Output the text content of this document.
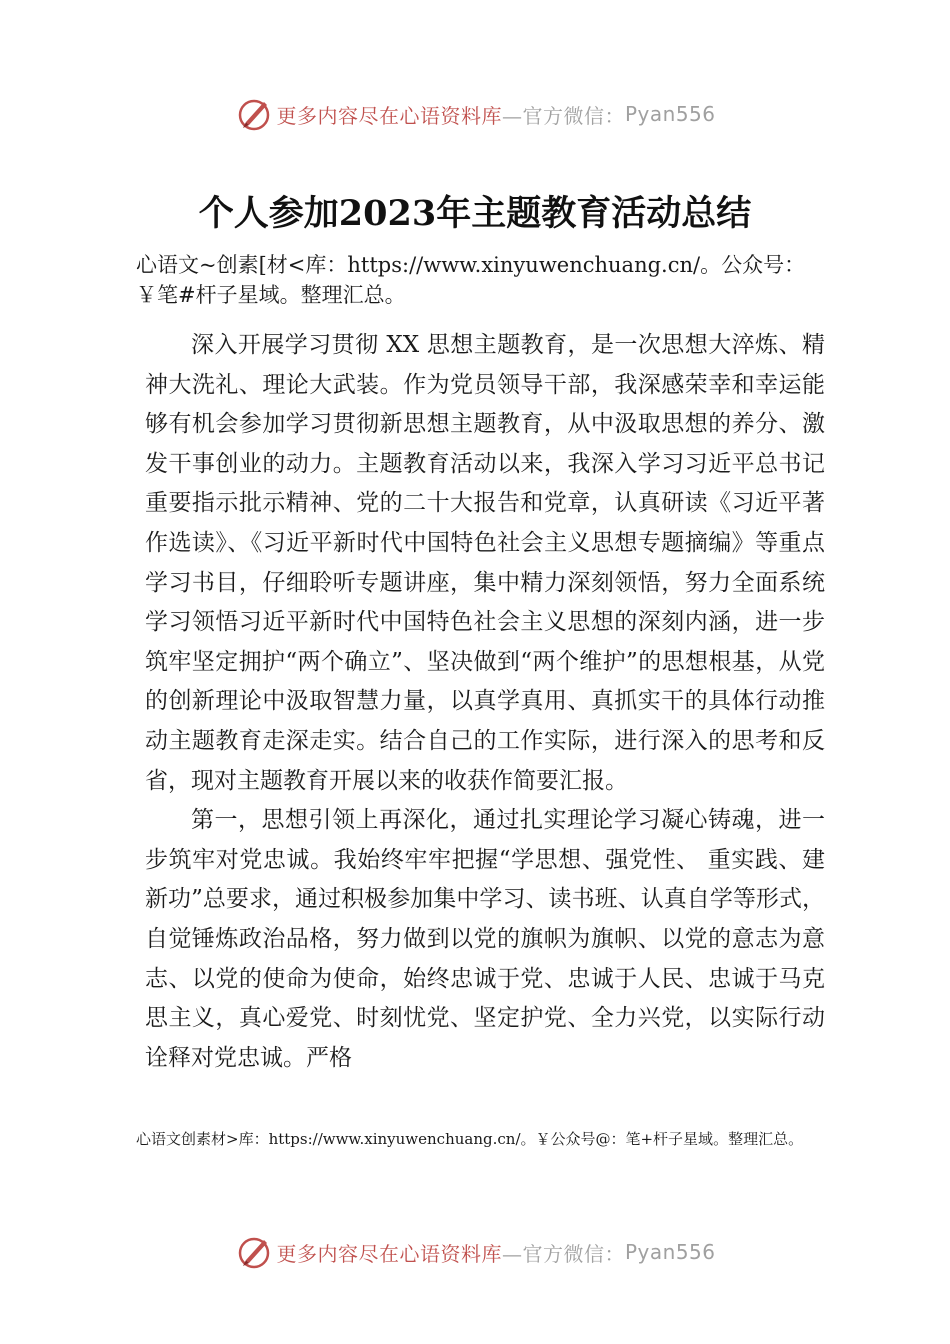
更多内容尽在心语资料库 —官方微信： Pyan556
个人参加2023年主题教育活动总结
心语文~创素[材<库：https://www.xinyuwenchuang.cn/。公众号：￥笔#杆子星域。整理汇总。

深入开展学习贯彻 XX 思想主题教育，是一次思想大淬炼、精神大洗礼、理论大武装。作为党员领导干部，我深感荣幸和幸运能够有机会参加学习贯彻新思想主题教育，从中汲取思想的养分、激发干事创业的动力。主题教育活动以来，我深入学习习近平总书记重要指示批示精神、党的二十大报告和党章，认真研读《习近平著作选读》、《习近平新时代中国特色社会主义思想专题摘编》等重点学习书目，仔细聆听专题讲座，集中精力深刻领悟，努力全面系统学习领悟习近平新时代中国特色社会主义思想的深刻内涵，进一步筑牢坚定拥护“两个确立”、坚决做到“两个维护”的思想根基，从党的创新理论中汲取智慧力量，以真学真用、真抓实干的具体行动推动主题教育走深走实。结合自己的工作实际，进行深入的思考和反省，现对主题教育开展以来的收获作简要汇报。

第一，思想引领上再深化，通过扎实理论学习凝心铸魂，进一步筑牢对党忠诚。我始终牢牢把握“学思想、强党性、 重实践、建新功”总要求，通过积极参加集中学习、读书班、认真自学等形式，自觉锤炼政治品格，努力做到以党的旗帜为旗帜、以党的意志为意志、以党的使命为使命，始终忠诚于党、忠诚于人民、忠诚于马克思主义，真心爱党、时刻忧党、坚定护党、全力兴党，以实际行动诠释对党忠诚。严格

心语文创素材>库：https://www.xinyuwenchuang.cn/。￥公众号@：笔+杆子星域。整理汇总。
更多内容尽在心语资料库 —官方微信： Pyan556
